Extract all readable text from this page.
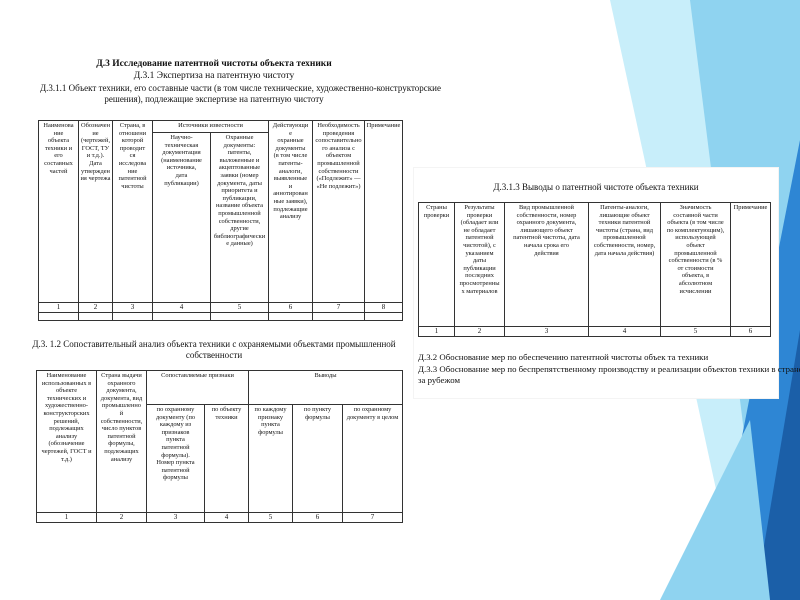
Д.3 Исследование патентной чистоты объекта техники

Д.3.1 Экспертиза на патентную чистоту

Д.3.1.1 Объект техники, его составные части (в том числе технические, художественно-конструкторские

решения), подлежащие экспертизе на патентную чистоту

Наименова
ние
объекта
техники и
его
составных
частей	Обозначен
ие
(чертежей,
ГОСТ, ТУ
и т.д.).
Дата
утвержден
ия чертежа	Страна, в
отношени
которой
проводит
ся
исследова
ние
патентной
чистоты	Источники известности	Действующи
е
охранные
документы
(в том числе
патенты-
аналоги,
выявленные
и
аннотирован
ные заявки),
подлежащие
анализу	Необходимость
проведения
сопоставительно
го анализа с
объектом
промышленной
собственности
(«Подлежит» —
«Не подлежит»)	Примечание
Научно-
техническая
документация
(наименование
источника,
дата
публикации)	Охранные
документы:
патенты,
выложенные и
акцептованные
заявки (номер
документа, даты
приоритета и
публикации,
название объекта
промышленной
собственности,
другие
библиографически
е данные)
1	2	3	4	5	6	7	8

Д.3. 1.2 Сопоставительный анализ объекта техники с охраняемыми объектами промышленной

собственности

Наименование
использованных в
объекте
технических и
художественно-
конструкторских
решений,
подлежащих
анализу
(обозначение
чертежей, ГОСТ и
т.д.)	Страна выдачи
охранного
документа,
документа, вид
промышленно
й
собственности,
число пунктов
патентной
формулы,
подлежащих
анализу	Сопоставляемые признаки	Выводы
по охранному
документу (по
каждому из
признаков
пункта
патентной
формулы).
Номер пункта
патентной
формулы	по объекту
техники	по каждому
признаку
пункта
формулы	по пункту
формулы	по охранному
документу в целом
1	2	3	4	5	6	7

Д.3.1.3 Выводы о патентной чистоте объекта техники

Страны
проверки	Результаты
проверки
(обладает или
не обладает
патентной
чистотой), с
указанием
даты
публикации
последних
просмотренны
х материалов	Вид промышленной
собственности, номер
охранного документа,
лишающего объект
патентной чистоты, дата
начала срока его
действия	Патенты-аналоги,
лишающие объект
техники патентной
чистоты (страна, вид
промышленной
собственности, номер,
дата начала действия)	Значимость
составной части
объекта (в том числе
по комплектующим),
использующей
объект
промышленной
собственности (в %
от стоимости
объекта, в
абсолютном
исчислении	Примечание
1	2	3	4	5	6

Д.3.2 Обоснование мер по обеспечению патентной чистоты объек та техники

Д.3.3 Обоснование мер по беспрепятственному производству и реализации объектов техники в стране и

за рубежом
